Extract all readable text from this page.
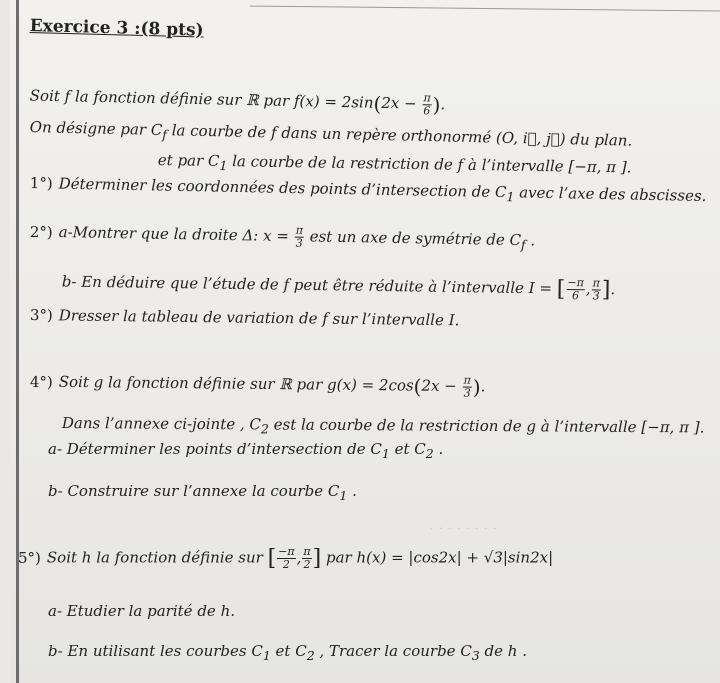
Exercice 3 :(8 pts)
Soit f la fonction définie sur ℝ par $f(x) = 2\sin(2x - \frac{\pi}{6}$ ).
On désigne par $C_f$ la courbe de f dans un repère orthonormé (O, i⃗, j⃗) du plan.
et par $C_1$ la courbe de la restriction de f à l’intervalle [−π, π ].
1°) Déterminer les coordonnées des points d’intersection de $C_1$ avec l’axe des abscisses.
2°) a-Montrer que la droite Δ: $x = \frac{\pi}{3}$ est un axe de symétrie de $C_f$ .
b- En déduire que l’étude de f peut être réduite à l’intervalle I = [ $\frac{-\pi}{6}$ , $\frac{\pi}{3}$ ].
3°) Dresser la tableau de variation de f sur l’intervalle I.
4°) Soit g la fonction définie sur ℝ par $g(x) = 2\cos(2x - \frac{\pi}{3}$ ).
Dans l’annexe ci-jointe , $C_2$ est la courbe de la restriction de g à l’intervalle [−π, π ].
a- Déterminer les points d’intersection de $C_1$ et $C_2$ .
b- Construire sur l’annexe la courbe $C_1$ .
· · · · · · · ·
5°) Soit h la fonction définie sur [ $\frac{-\pi}{2}$ , $\frac{\pi}{2}$ ] par h(x) = |cos2x| + √3|sin2x|
a- Etudier la parité de h.
b- En utilisant les courbes $C_1$ et $C_2$ , Tracer la courbe $C_3$ de h .
